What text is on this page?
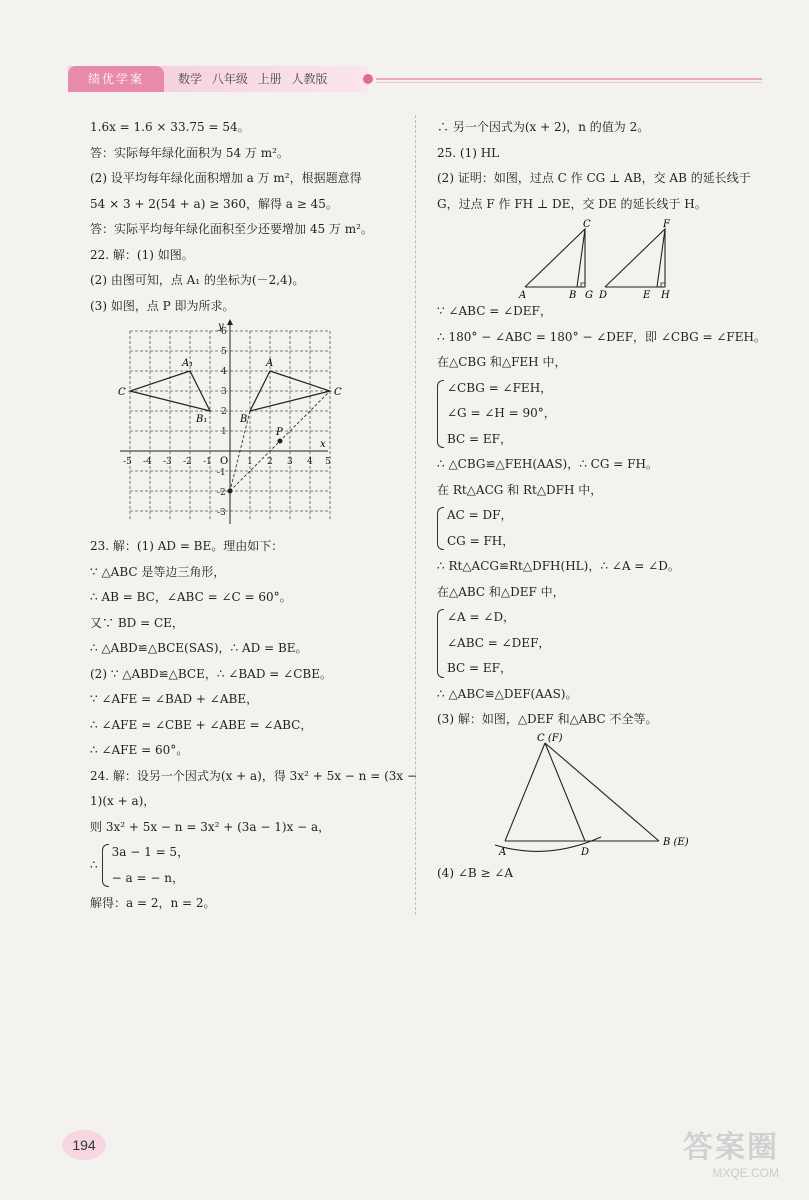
绩优学案	数学 八年级 上册 人教版
1.6x = 1.6 × 33.75 = 54。
答：实际每年绿化面积为 54 万 m²。
(2) 设平均每年绿化面积增加 a 万 m²，根据题意得
54 × 3 + 2(54 + a) ≥ 360，解得 a ≥ 45。
答：实际平均每年绿化面积至少还要增加 45 万 m²。
22. 解：(1) 如图。
(2) 由图可知，点 A₁ 的坐标为(－2,4)。
(3) 如图，点 P 即为所求。
y
x
O
-5 -4 -3 -2 -1	1 2 3 4 5
6
5
4
3
2
1
-1
-2
-3
A₁
C
B₁
A
C
B
P
23. 解：(1) AD = BE。理由如下：
∵ △ABC 是等边三角形，
∴ AB = BC，∠ABC = ∠C = 60°。
又∵ BD = CE，
∴ △ABD≌△BCE(SAS)，∴ AD = BE。
(2) ∵ △ABD≌△BCE，∴ ∠BAD = ∠CBE。
∵ ∠AFE = ∠BAD + ∠ABE，
∴ ∠AFE = ∠CBE + ∠ABE = ∠ABC，
∴ ∠AFE = 60°。
24. 解：设另一个因式为(x + a)，得 3x² + 5x − n = (3x −
1)(x + a)，
则 3x² + 5x − n = 3x² + (3a − 1)x − a，
∴
3a − 1 = 5，
− a = − n，
解得：a = 2，n = 2。
∴ 另一个因式为(x + 2)，n 的值为 2。
25. (1) HL
(2) 证明：如图，过点 C 作 CG ⊥ AB，交 AB 的延长线于
G，过点 F 作 FH ⊥ DE，交 DE 的延长线于 H。
C
A	B G
F
D	E H
∵ ∠ABC = ∠DEF，
∴ 180° − ∠ABC = 180° − ∠DEF，即 ∠CBG = ∠FEH。
在△CBG 和△FEH 中，
∠CBG = ∠FEH，
∠G = ∠H = 90°，
BC = EF，
∴ △CBG≌△FEH(AAS)，∴ CG = FH。
在 Rt△ACG 和 Rt△DFH 中，
AC = DF，
CG = FH，
∴ Rt△ACG≌Rt△DFH(HL)，∴ ∠A = ∠D。
在△ABC 和△DEF 中，
∠A = ∠D，
∠ABC = ∠DEF，
BC = EF，
∴ △ABC≌△DEF(AAS)。
(3) 解：如图，△DEF 和△ABC 不全等。
C (F)
A	D
B (E)
(4) ∠B ≥ ∠A
194	答案圈
MXQE.COM
